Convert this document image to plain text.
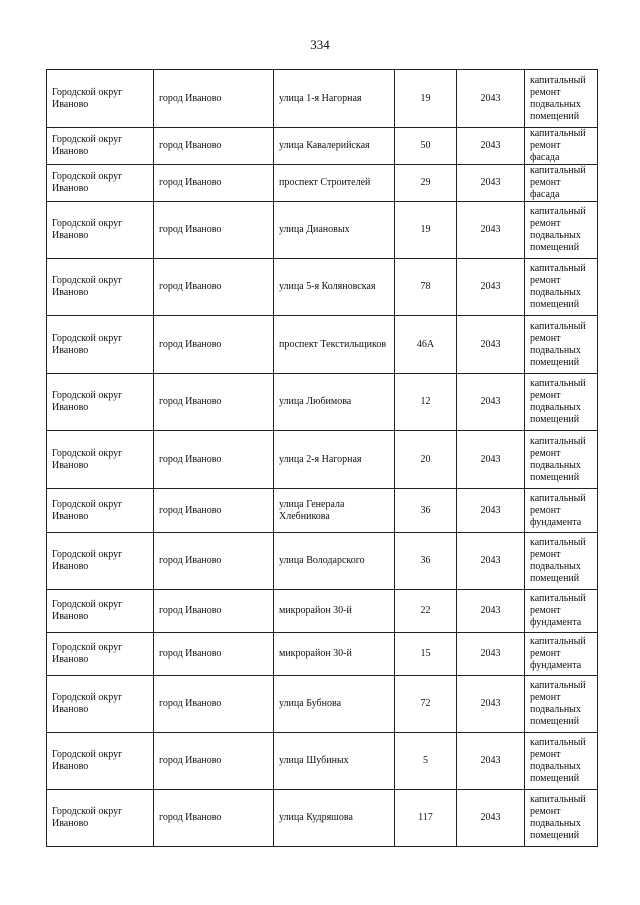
334
Городской округ Иваново	город Иваново	улица 1-я Нагорная	19	2043	капитальный ремонт подвальных помещений
Городской округ Иваново	город Иваново	улица Кавалерийская	50	2043	капитальный ремонт фасада
Городской округ Иваново	город Иваново	проспект Строителей	29	2043	капитальный ремонт фасада
Городской округ Иваново	город Иваново	улица Диановых	19	2043	капитальный ремонт подвальных помещений
Городской округ Иваново	город Иваново	улица 5-я Коляновская	78	2043	капитальный ремонт подвальных помещений
Городской округ Иваново	город Иваново	проспект Текстильщиков	46А	2043	капитальный ремонт подвальных помещений
Городской округ Иваново	город Иваново	улица Любимова	12	2043	капитальный ремонт подвальных помещений
Городской округ Иваново	город Иваново	улица 2-я Нагорная	20	2043	капитальный ремонт подвальных помещений
Городской округ Иваново	город Иваново	улица Генерала Хлебникова	36	2043	капитальный ремонт фундамента
Городской округ Иваново	город Иваново	улица Володарского	36	2043	капитальный ремонт подвальных помещений
Городской округ Иваново	город Иваново	микрорайон 30-й	22	2043	капитальный ремонт фундамента
Городской округ Иваново	город Иваново	микрорайон 30-й	15	2043	капитальный ремонт фундамента
Городской округ Иваново	город Иваново	улица Бубнова	72	2043	капитальный ремонт подвальных помещений
Городской округ Иваново	город Иваново	улица Шубиных	5	2043	капитальный ремонт подвальных помещений
Городской округ Иваново	город Иваново	улица Кудряшова	117	2043	капитальный ремонт подвальных помещений
